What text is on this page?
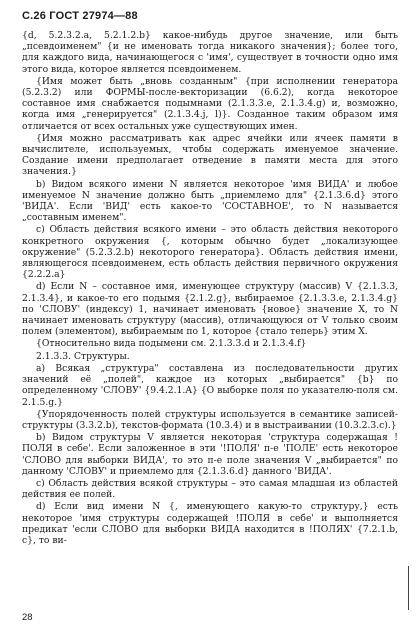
C.26 ГОСТ 27974—88

{d, 5.2.3.2.a, 5.2.1.2.b} какое-нибудь другое значение, или быть „псевдоименем" {и не именовать тогда никакого значения}; более того, для каждого вида, начинающегося с 'имя', существует в точности одно имя этого вида, которое является псевдоименем.

{Имя может быть „вновь созданным" {при исполнении генератора (5.2.3.2) или ФОРМЫ-после-векторизации (6.6.2), когда некоторое составное имя снабжается подымнами (2.1.3.3.e, 2.1.3.4.g) и, возможно, когда имя „генерируется" (2.1.3.4.j, l)}. Созданное таким образом имя отличается от всех остальных уже существующих имен.

{Имя можно рассматривать как адрес ячейки или ячеек памяти в вычислителе, используемых, чтобы содержать именуемое значение. Создание имени предполагает отведение в памяти места для этого значения.}

b) Видом всякого имени N является некоторое 'имя ВИДА' и любое именуемое N значение должно быть „приемлемо для" {2.1.3.6.d} этого 'ВИДА'. Если 'ВИД' есть какое-то 'СОСТАВНОЕ', то N называется „составным именем".

c) Область действия всякого имени – это область действия некоторого конкретного окружения {, которым обычно будет „локализующее окружение" (5.2.3.2.b) некоторого генератора}. Область действия имени, являющегося псевдоименем, есть область действия первичного окружения {2.2.2.a}

d) Если N – составное имя, именующее структуру (массив) V {2.1.3.3, 2.1.3.4}, и какое-то его подымя {2.1.2.g}, выбираемое {2.1.3.3.e, 2.1.3.4.g} по 'СЛОВУ' (индексу) 1, начинает именовать {новое} значение X, то N начинает именовать структуру (массив), отличающуюся от V только своим полем (элементом), выбираемым по 1, которое {стало теперь} этим X.

{Относительно вида подымени см. 2.1.3.3.d и 2.1.3.4.f}

2.1.3.3. Структуры.

a) Всякая „структура" составлена из последовательности других значений её „полей", каждое из которых „выбирается" {b} по определенному 'СЛОВУ' {9.4.2.1.A} {О выборке поля по указателю-поля см. 2.1.5.g.}

{Упорядоченность полей структуры используется в семантике записей-структуры (3.3.2.b), текстов-формата (10.3.4) и в выстраивании (10.3.2.3.c).}

b) Видом структуры V является некоторая 'структура содержащая !ПОЛЯ в себе'. Если заложенное в эти '!ПОЛЯ' п-е 'ПОЛЕ' есть некоторое 'СЛОВО для выборки ВИДА', то это п-е поле значения V „выбирается" по данному 'СЛОВУ' и приемлемо для {2.1.3.6.d} данного 'ВИДА'.

c) Область действия всякой структуры – это самая младшая из областей действия ее полей.

d) Если вид имени N {, именующего какую-то структуру,} есть некоторое 'имя структуры содержащей !ПОЛЯ в себе' и выполняется предикат 'если СЛОВО для выборки ВИДА находится в !ПОЛЯХ' {7.2.1.b, c}, то ви-

28
